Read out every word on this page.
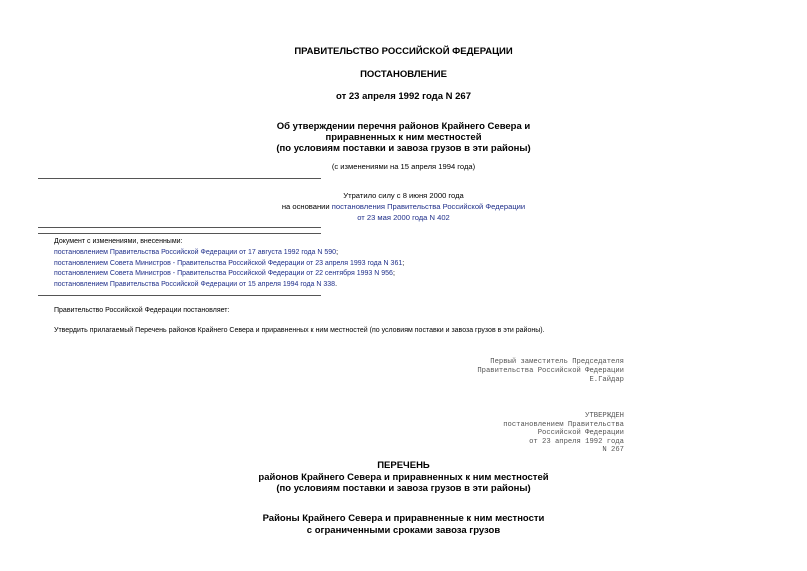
ПРАВИТЕЛЬСТВО РОССИЙСКОЙ ФЕДЕРАЦИИ
ПОСТАНОВЛЕНИЕ
от 23 апреля 1992 года N 267
Об утверждении перечня районов Крайнего Севера и
приравненных к ним местностей
(по условиям поставки и завоза грузов в эти районы)
(с изменениями на 15 апреля 1994 года)
Утратило силу с 8 июня 2000 года
на основании постановления Правительства Российской Федерации
от 23 мая 2000 года N 402
Документ с изменениями, внесенными:
постановлением Правительства Российской Федерации от 17 августа 1992 года N 590;
постановлением Совета Министров - Правительства Российской Федерации от 23 апреля 1993 года N 361;
постановлением Совета Министров - Правительства Российской Федерации от 22 сентября 1993 N 956;
постановлением Правительства Российской Федерации от 15 апреля 1994 года N 338.
Правительство Российской Федерации постановляет:
Утвердить прилагаемый Перечень районов Крайнего Севера и приравненных к ним местностей (по условиям поставки и завоза грузов в эти районы).
Первый заместитель Председателя
Правительства Российской Федерации
Е.Гайдар
УТВЕРЖДЕН
постановлением Правительства
Российской Федерации
от 23 апреля 1992 года
N 267
ПЕРЕЧЕНЬ
районов Крайнего Севера и приравненных к ним местностей
(по условиям поставки и завоза грузов в эти районы)
Районы Крайнего Севера и приравненные к ним местности
с ограниченными сроками завоза грузов
